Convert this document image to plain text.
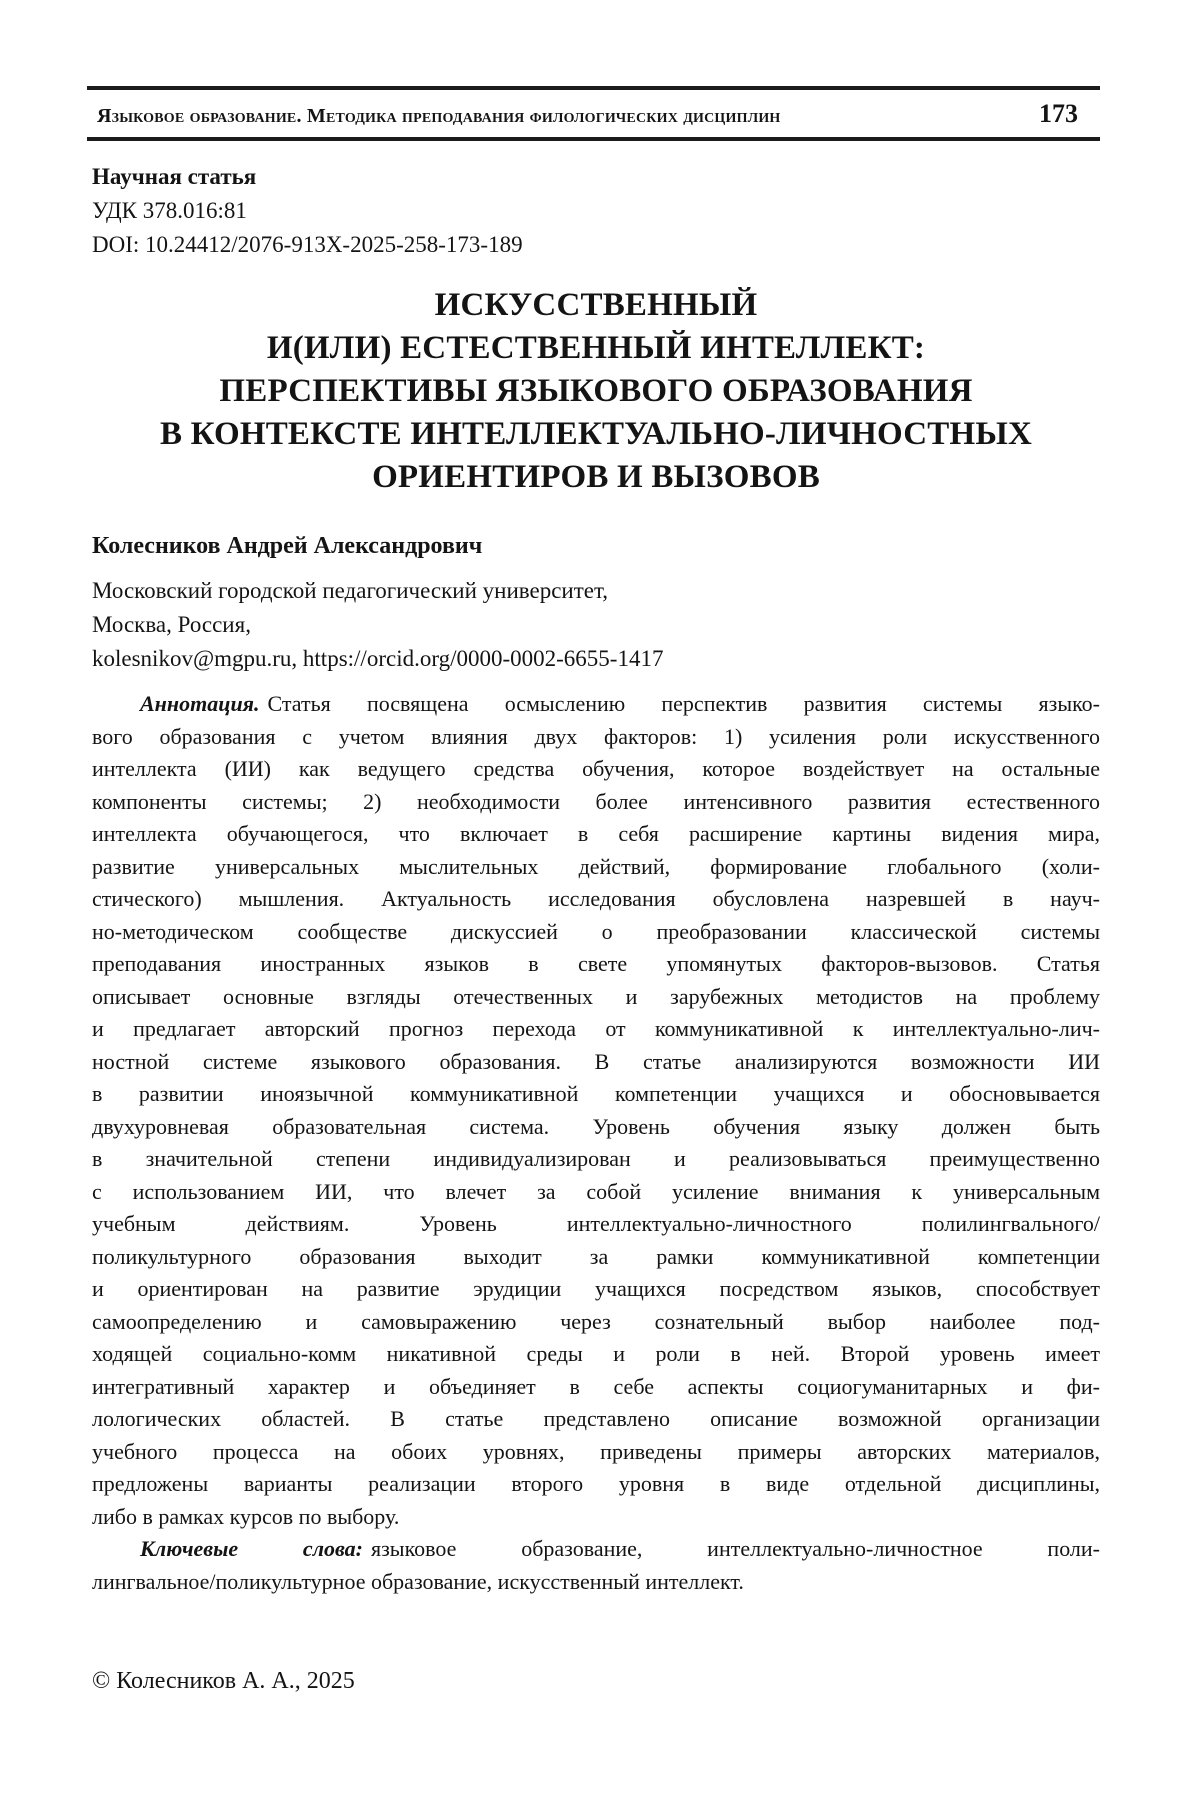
Языковое образование. Методика преподавания филологических дисциплин	173
Научная статья
УДК 378.016:81
DOI: 10.24412/2076-913X-2025-258-173-189
ИСКУССТВЕННЫЙ
И(ИЛИ) ЕСТЕСТВЕННЫЙ ИНТЕЛЛЕКТ:
ПЕРСПЕКТИВЫ ЯЗЫКОВОГО ОБРАЗОВАНИЯ
В КОНТЕКСТЕ ИНТЕЛЛЕКТУАЛЬНО-ЛИЧНОСТНЫХ
ОРИЕНТИРОВ И ВЫЗОВОВ
Колесников Андрей Александрович
Московский городской педагогический университет,
Москва, Россия,
kolesnikov@mgpu.ru, https://orcid.org/0000-0002-6655-1417
Аннотация. Статья посвящена осмыслению перспектив развития системы языко-
вого образования с учетом влияния двух факторов: 1) усиления роли искусственного
интеллекта (ИИ) как ведущего средства обучения, которое воздействует на остальные
компоненты системы; 2) необходимости более интенсивного развития естественного
интеллекта обучающегося, что включает в себя расширение картины видения мира,
развитие универсальных мыслительных действий, формирование глобального (холи-
стического) мышления. Актуальность исследования обусловлена назревшей в науч-
но-методическом сообществе дискуссией о преобразовании классической системы
преподавания иностранных языков в свете упомянутых факторов-вызовов. Статья
описывает основные взгляды отечественных и зарубежных методистов на проблему
и предлагает авторский прогноз перехода от коммуникативной к интеллектуально-лич-
ностной системе языкового образования. В статье анализируются возможности ИИ
в развитии иноязычной коммуникативной компетенции учащихся и обосновывается
двухуровневая образовательная система. Уровень обучения языку должен быть
в значительной степени индивидуализирован и реализовываться преимущественно
с использованием ИИ, что влечет за собой усиление внимания к универсальным
учебным действиям. Уровень интеллектуально-личностного полилингвального/
поликультурного образования выходит за рамки коммуникативной компетенции
и ориентирован на развитие эрудиции учащихся посредством языков, способствует
самоопределению и самовыражению через сознательный выбор наиболее под-
ходящей социально-комм никативной среды и роли в ней. Второй уровень имеет
интегративный характер и объединяет в себе аспекты социогуманитарных и фи-
лологических областей. В статье представлено описание возможной организации
учебного процесса на обоих уровнях, приведены примеры авторских материалов,
предложены варианты реализации второго уровня в виде отдельной дисциплины,
либо в рамках курсов по выбору.
Ключевые слова: языковое образование, интеллектуально-личностное поли-
лингвальное/поликультурное образование, искусственный интеллект.
© Колесников А. А., 2025
